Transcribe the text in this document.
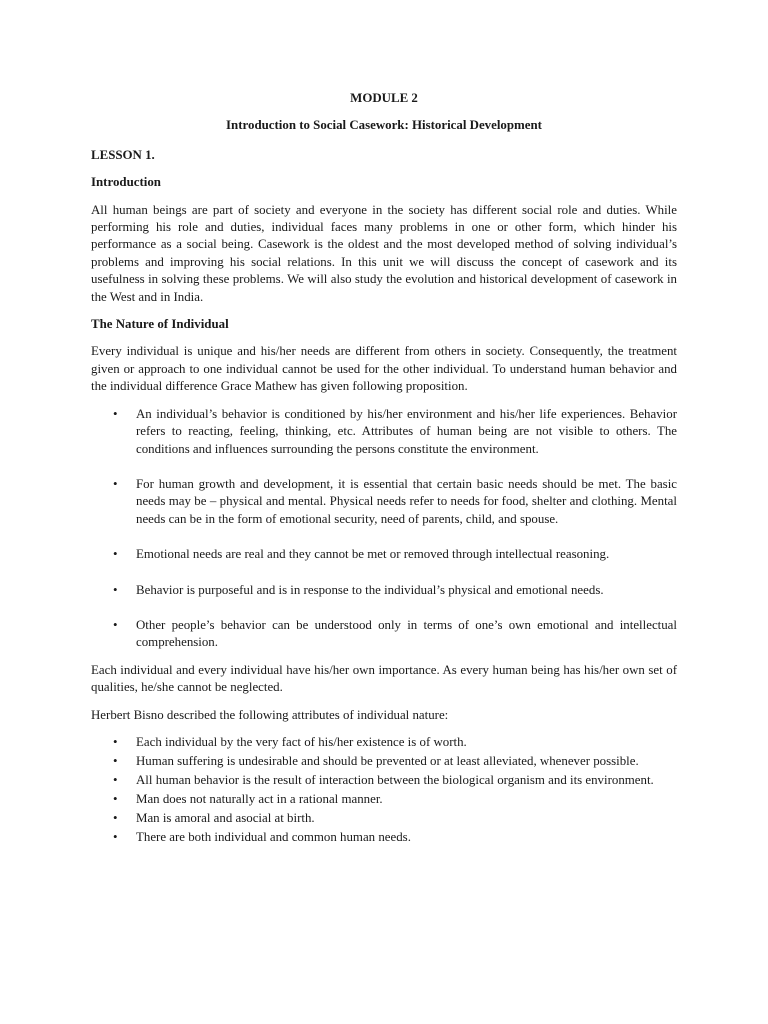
MODULE 2

Introduction to Social Casework: Historical Development

LESSON 1.

Introduction

All human beings are part of society and everyone in the society has different social role and duties. While performing his role and duties, individual faces many problems in one or other form, which hinder his performance as a social being. Casework is the oldest and the most developed method of solving individual’s problems and improving his social relations. In this unit we will discuss the concept of casework and its usefulness in solving these problems. We will also study the evolution and historical development of casework in the West and in India.

The Nature of Individual

Every individual is unique and his/her needs are different from others in society. Consequently, the treatment given or approach to one individual cannot be used for the other individual. To understand human behavior and the individual difference Grace Mathew has given following proposition.

• An individual’s behavior is conditioned by his/her environment and his/her life experiences. Behavior refers to reacting, feeling, thinking, etc. Attributes of human being are not visible to others. The conditions and influences surrounding the persons constitute the environment.
• For human growth and development, it is essential that certain basic needs should be met. The basic needs may be – physical and mental. Physical needs refer to needs for food, shelter and clothing. Mental needs can be in the form of emotional security, need of parents, child, and spouse.
• Emotional needs are real and they cannot be met or removed through intellectual reasoning.
• Behavior is purposeful and is in response to the individual’s physical and emotional needs.
• Other people’s behavior can be understood only in terms of one’s own emotional and intellectual comprehension.

Each individual and every individual have his/her own importance. As every human being has his/her own set of qualities, he/she cannot be neglected.

Herbert Bisno described the following attributes of individual nature:

• Each individual by the very fact of his/her existence is of worth.
• Human suffering is undesirable and should be prevented or at least alleviated, whenever possible.
• All human behavior is the result of interaction between the biological organism and its environment.
• Man does not naturally act in a rational manner.
• Man is amoral and asocial at birth.
• There are both individual and common human needs.
